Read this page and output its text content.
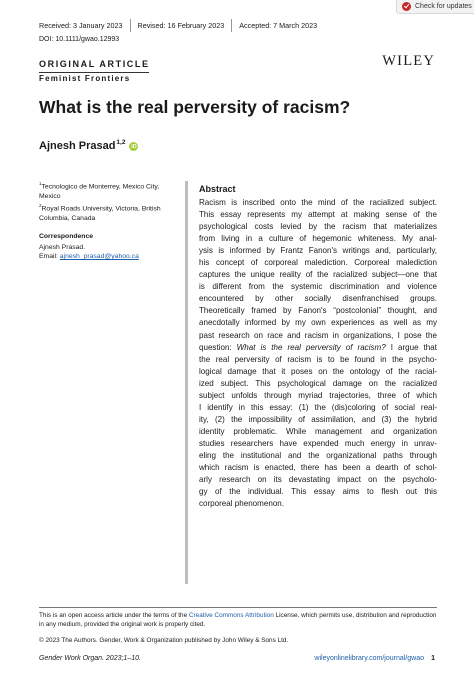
Check for updates
Received: 3 January 2023 Revised: 16 February 2023 Accepted: 7 March 2023
DOI: 10.1111/gwao.12993
ORIGINAL ARTICLE
Feminist Frontiers
WILEY
What is the real perversity of racism?
Ajnesh Prasad$^{1,2}$
iD
$^1$Tecnologico de Monterrey, Mexico City, Mexico
$^2$Royal Roads University, Victoria, British Columbia, Canada
Correspondence
Ajnesh Prasad.
Email: ajnesh_prasad@yahoo.ca
Abstract

Racism is inscribed onto the mind of the racialized subject.
This essay represents my attempt at making sense of the
psychological costs levied by the racism that materializes
from living in a culture of hegemonic whiteness. My anal-
ysis is informed by Frantz Fanon's writings and, particularly,
his concept of corporeal malediction. Corporeal malediction
captures the unique reality of the racialized subject—one that
is different from the systemic discrimination and violence
encountered by other socially disenfranchised groups.
Theoretically framed by Fanon's “postcolonial” thought, and
anecdotally informed by my own experiences as well as my
past research on race and racism in organizations, I pose the
question: What is the real perversity of racism? I argue that
the real perversity of racism is to be found in the psycho-
logical damage that it poses on the ontology of the racial-
ized subject. This psychological damage on the racialized
subject unfolds through myriad trajectories, three of which
I identify in this essay: (1) the (dis)coloring of social real-
ity, (2) the impossibility of assimilation, and (3) the hybrid
identity problematic. While management and organization
studies researchers have expended much energy in unrav-
eling the institutional and the organizational paths through
which racism is enacted, there has been a dearth of schol-
arly research on its devastating impact on the psycholo-
gy of the individual. This essay aims to flesh out this
corporeal phenomenon.

This is an open access article under the terms of the Creative Commons Attribution License, which permits use, distribution and reproduction in any medium, provided the original work is properly cited.
© 2023 The Authors. Gender, Work & Organization published by John Wiley & Sons Ltd.
Gender Work Organ. 2023;1–10.	wileyonlinelibrary.com/journal/gwao 1
